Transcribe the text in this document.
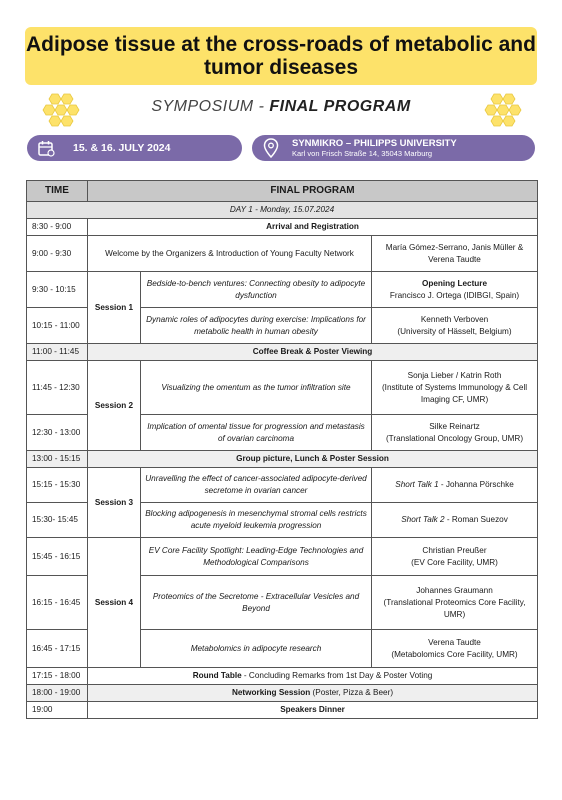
Adipose tissue at the cross-roads of metabolic and tumor diseases
SYMPOSIUM - FINAL PROGRAM
15. & 16. JULY 2024	SYNMIKRO – PHILIPPS UNIVERSITY
Karl von Frisch Straße 14, 35043 Marburg
TIME	FINAL PROGRAM		
DAY 1 - Monday, 15.07.2024			
8:30 - 9:00	Arrival and Registration		
9:00 - 9:30	Welcome by the Organizers & Introduction of Young Faculty Network		María Gómez-Serrano, Janis Müller & Verena Taudte
9:30 - 10:15	Session 1	Bedside-to-bench ventures: Connecting obesity to adipocyte dysfunction	Opening Lecture
Francisco J. Ortega (IDIBGI, Spain)

10:15 - 11:00		Dynamic roles of adipocytes during exercise: Implications for metabolic health in human obesity	Kenneth Verboven
(University of Hässelt, Belgium)

11:00 - 11:45	Coffee Break & Poster Viewing		
11:45 - 12:30	Session 2	Visualizing the omentum as the tumor infiltration site	Sonja Lieber / Katrin Roth
(Institute of Systems Immunology & Cell Imaging CF, UMR)

12:30 - 13:00		Implication of omental tissue for progression and metastasis of ovarian carcinoma	Silke Reinartz
(Translational Oncology Group, UMR)

13:00 - 15:15	Group picture, Lunch & Poster Session		
15:15 - 15:30	Session 3	Unravelling the effect of cancer-associated adipocyte-derived secretome in ovarian cancer	Short Talk 1 - Johanna Pörschke
15:30- 15:45		Blocking adipogenesis in mesenchymal stromal cells restricts acute myeloid leukemia progression	Short Talk 2 - Roman Suezov
15:45 - 16:15	Session 4	EV Core Facility Spotlight: Leading-Edge Technologies and Methodological Comparisons	Christian Preußer
(EV Core Facility, UMR)

16:15 - 16:45		Proteomics of the Secretome - Extracellular Vesicles and Beyond	Johannes Graumann
(Translational Proteomics Core Facility, UMR)

16:45 - 17:15		Metabolomics in adipocyte research	Verena Taudte
(Metabolomics Core Facility, UMR)

17:15 - 18:00	Round Table - Concluding Remarks from 1st Day & Poster Voting		
18:00 - 19:00	Networking Session (Poster, Pizza & Beer)		
19:00	Speakers Dinner		
